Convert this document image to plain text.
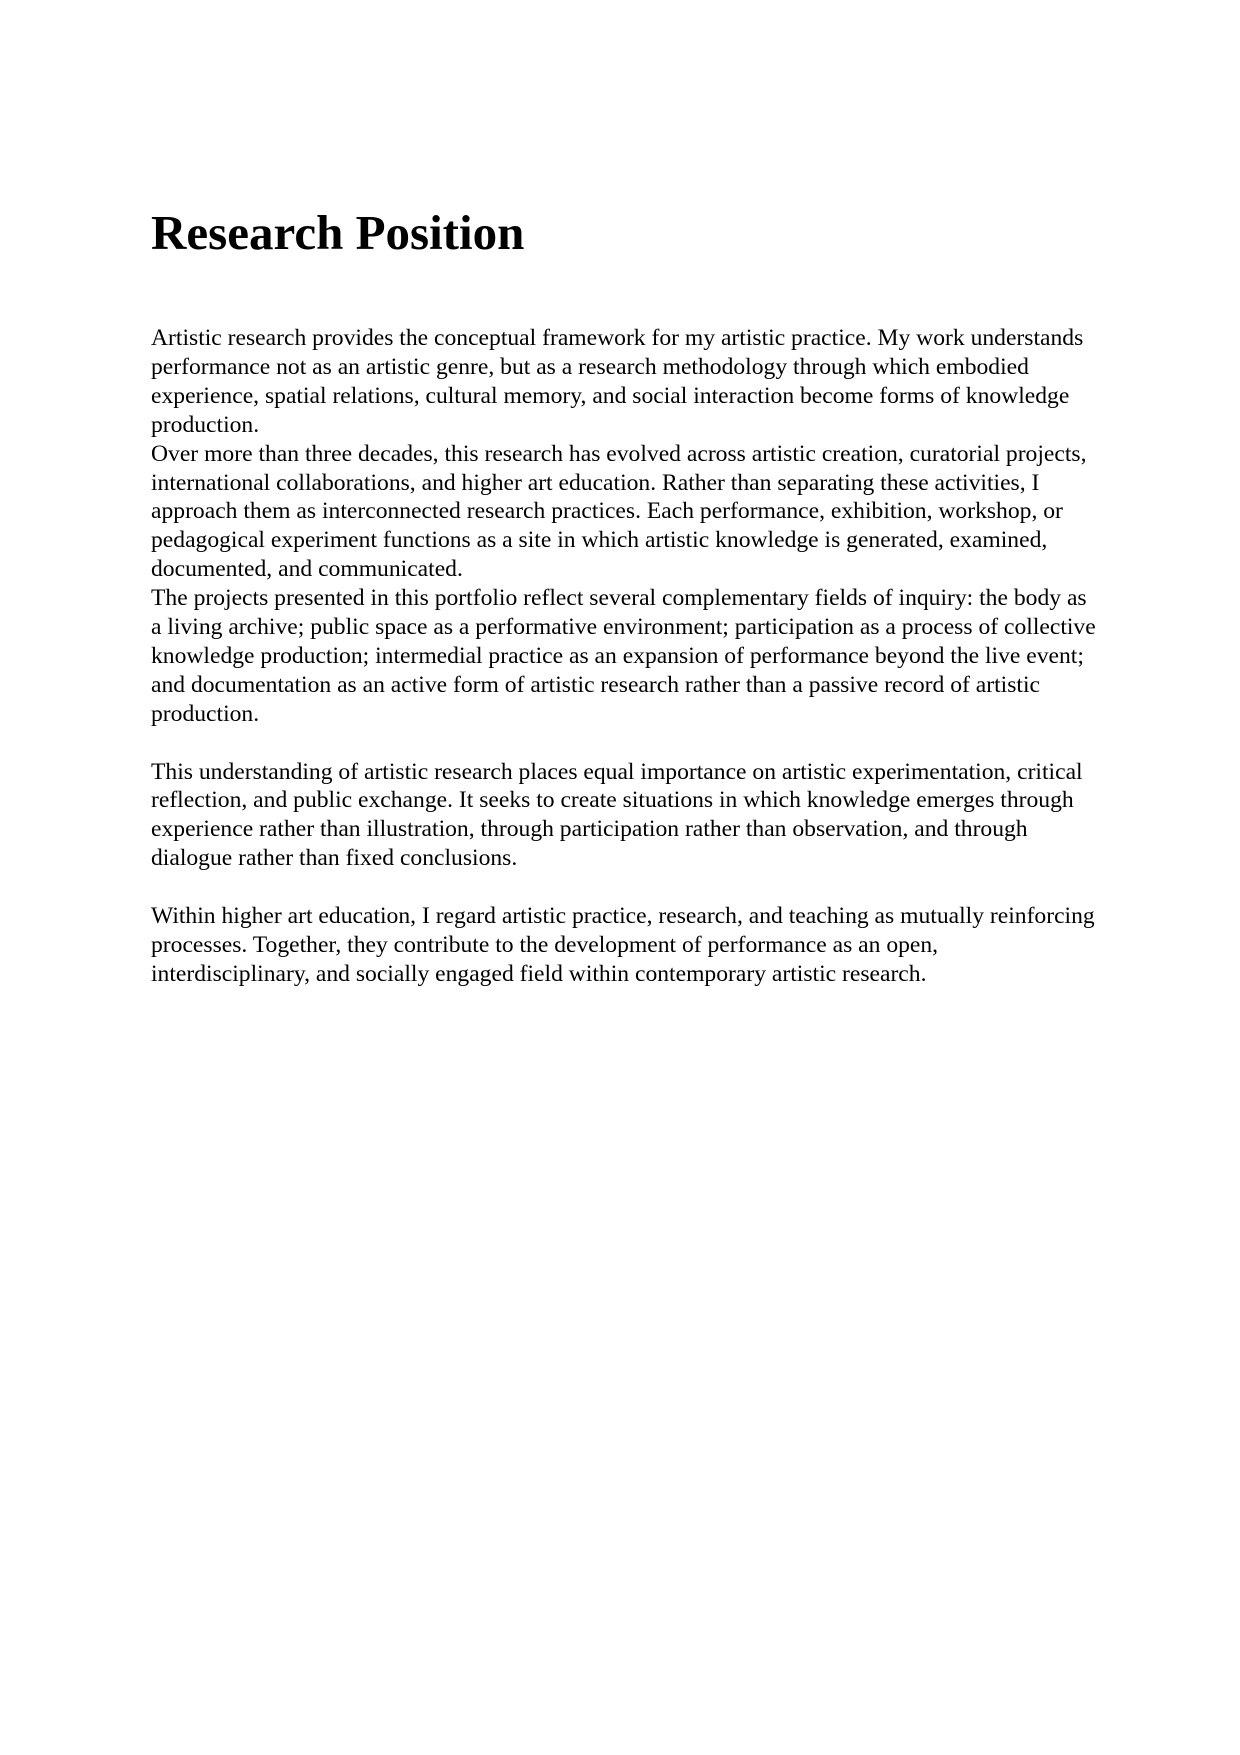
Research Position

Artistic research provides the conceptual framework for my artistic practice. My work understands performance not as an artistic genre, but as a research methodology through which embodied experience, spatial relations, cultural memory, and social interaction become forms of knowledge production.

Over more than three decades, this research has evolved across artistic creation, curatorial projects, international collaborations, and higher art education. Rather than separating these activities, I approach them as interconnected research practices. Each performance, exhibition, workshop, or pedagogical experiment functions as a site in which artistic knowledge is generated, examined, documented, and communicated.

The projects presented in this portfolio reflect several complementary fields of inquiry: the body as a living archive; public space as a performative environment; participation as a process of collective knowledge production; intermedial practice as an expansion of performance beyond the live event; and documentation as an active form of artistic research rather than a passive record of artistic production.

This understanding of artistic research places equal importance on artistic experimentation, critical reflection, and public exchange. It seeks to create situations in which knowledge emerges through experience rather than illustration, through participation rather than observation, and through dialogue rather than fixed conclusions.

Within higher art education, I regard artistic practice, research, and teaching as mutually reinforcing processes. Together, they contribute to the development of performance as an open, interdisciplinary, and socially engaged field within contemporary artistic research.
